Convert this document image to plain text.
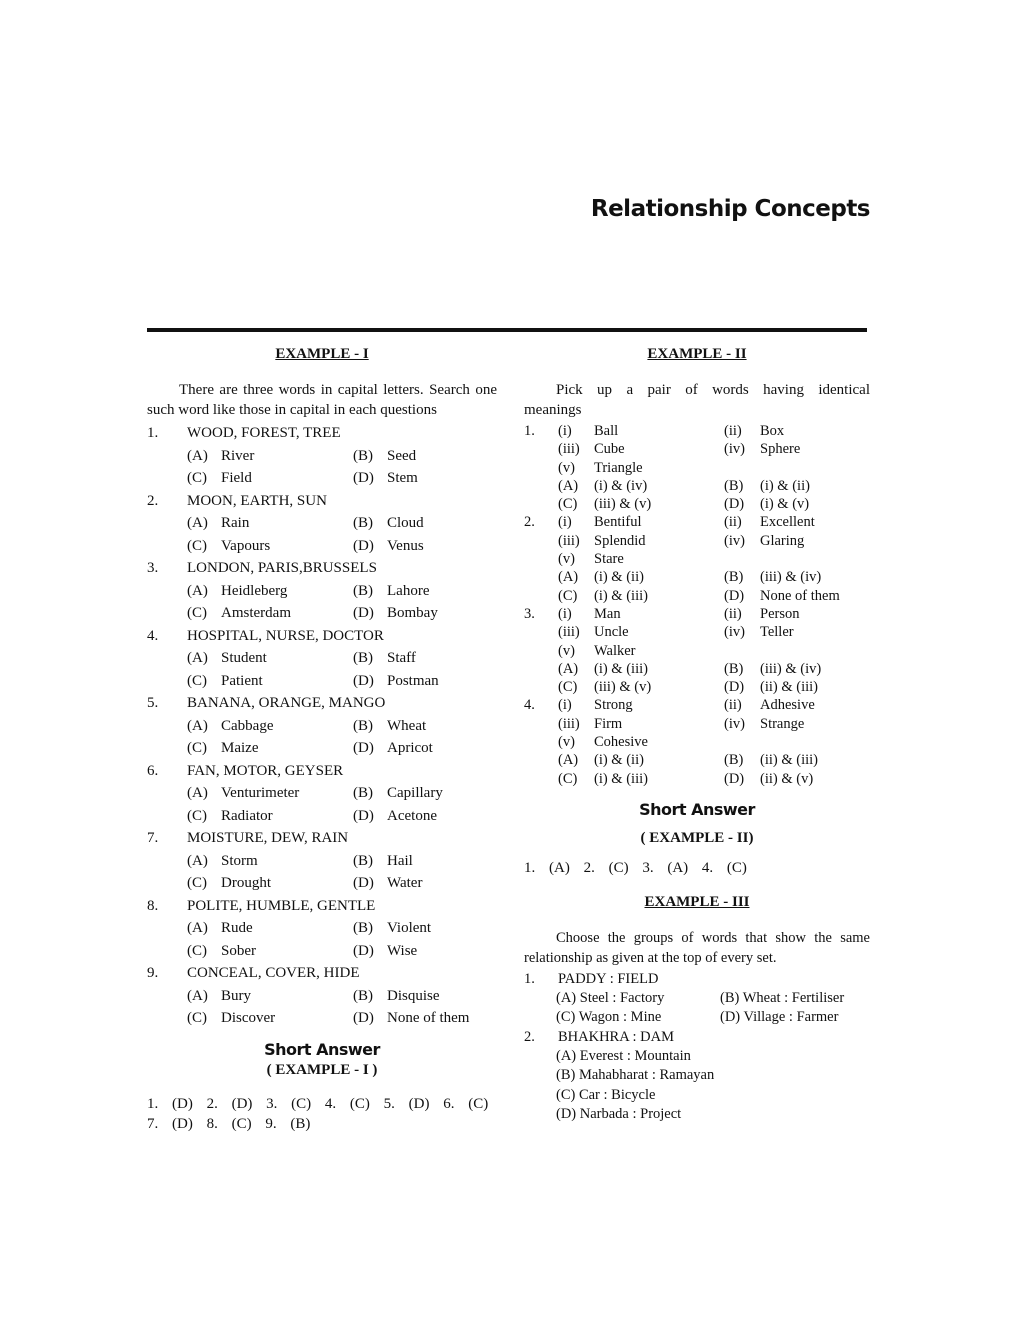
Relationship Concepts
EXAMPLE - I
There are three words in capital letters. Search one such word like those in capital in each questions
1.	WOOD, FOREST, TREE
(A) River	(B) Seed
(C) Field	(D) Stem
2.	MOON, EARTH, SUN
(A) Rain	(B) Cloud
(C) Vapours	(D) Venus
3.	LONDON, PARIS,BRUSSELS
(A) Heidleberg	(B) Lahore
(C) Amsterdam	(D) Bombay
4.	HOSPITAL, NURSE, DOCTOR
(A) Student	(B) Staff
(C) Patient	(D) Postman
5.	BANANA, ORANGE, MANGO
(A) Cabbage	(B) Wheat
(C) Maize	(D) Apricot
6.	FAN, MOTOR, GEYSER
(A) Venturimeter	(B) Capillary
(C) Radiator	(D) Acetone
7.	MOISTURE, DEW, RAIN
(A) Storm	(B) Hail
(C) Drought	(D) Water
8.	POLITE, HUMBLE, GENTLE
(A) Rude	(B) Violent
(C) Sober	(D) Wise
9.	CONCEAL, COVER, HIDE
(A) Bury	(B) Disquise
(C) Discover	(D) None of them
Short Answer
( EXAMPLE - I )
1. (D) 2. (D) 3. (C) 4. (C) 5. (D) 6. (C) 7. (D) 8. (C) 9. (B)
EXAMPLE - II
Pick up a pair of words having identical meanings
1.	(i)	Ball	(ii)	Box
(iii) Cube	(iv)	Sphere
(v)	Triangle
(A)	(i) & (iv)	(B)	(i) & (ii)
(C)	(iii) & (v)	(D)	(i) & (v)
2.	(i)	Bentiful	(ii)	Excellent
(iii) Splendid	(iv)	Glaring
(v)	Stare
(A)	(i) & (ii)	(B)	(iii) & (iv)
(C)	(i) & (iii)	(D)	None of them
3.	(i)	Man	(ii)	Person
(iii) Uncle	(iv)	Teller
(v)	Walker
(A)	(i) & (iii)	(B)	(iii) & (iv)
(C)	(iii) & (v)	(D)	(ii) & (iii)
4.	(i)	Strong	(ii)	Adhesive
(iii) Firm	(iv)	Strange
(v)	Cohesive
(A)	(i) & (ii)	(B)	(ii) & (iii)
(C)	(i) & (iii)	(D)	(ii) & (v)
Short Answer
( EXAMPLE - II)
1. (A) 2. (C) 3. (A) 4. (C)
EXAMPLE - III
Choose the groups of words that show the same relationship as given at the top of every set.
1.	PADDY : FIELD
(A) Steel : Factory	(B) Wheat : Fertiliser
(C) Wagon : Mine	(D) Village : Farmer
2.	BHAKHRA : DAM
(A) Everest : Mountain
(B) Mahabharat : Ramayan
(C) Car : Bicycle
(D) Narbada : Project
